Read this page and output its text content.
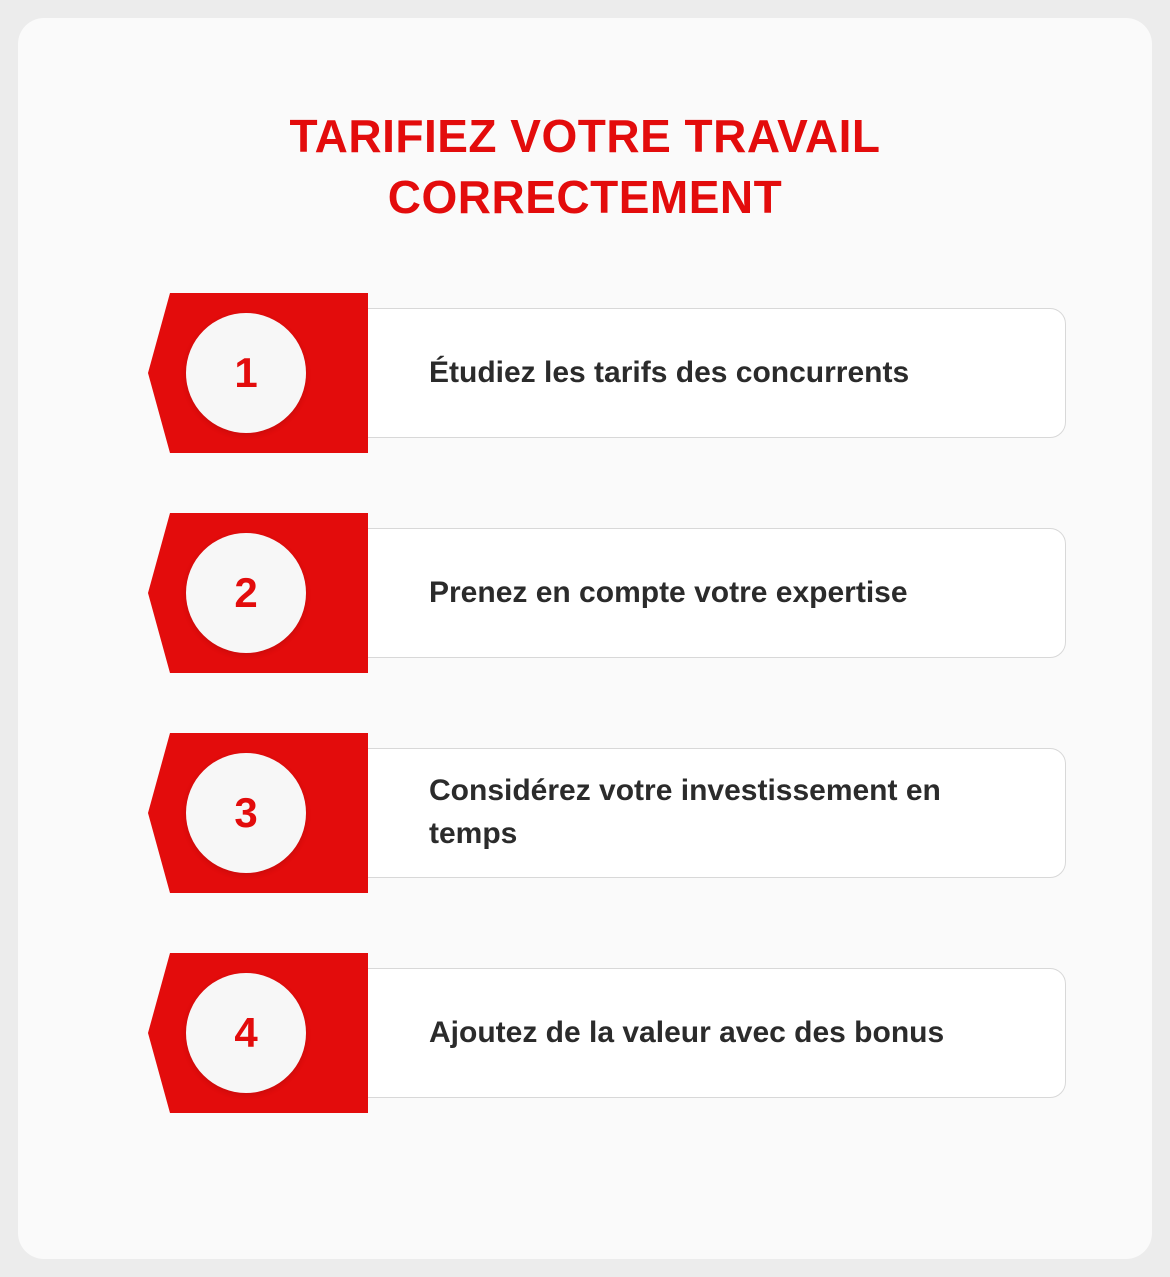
TARIFIEZ VOTRE TRAVAIL CORRECTEMENT
Étudiez les tarifs des concurrents
1
Prenez en compte votre expertise
2
Considérez votre investissement en temps
3
Ajoutez de la valeur avec des bonus
4
